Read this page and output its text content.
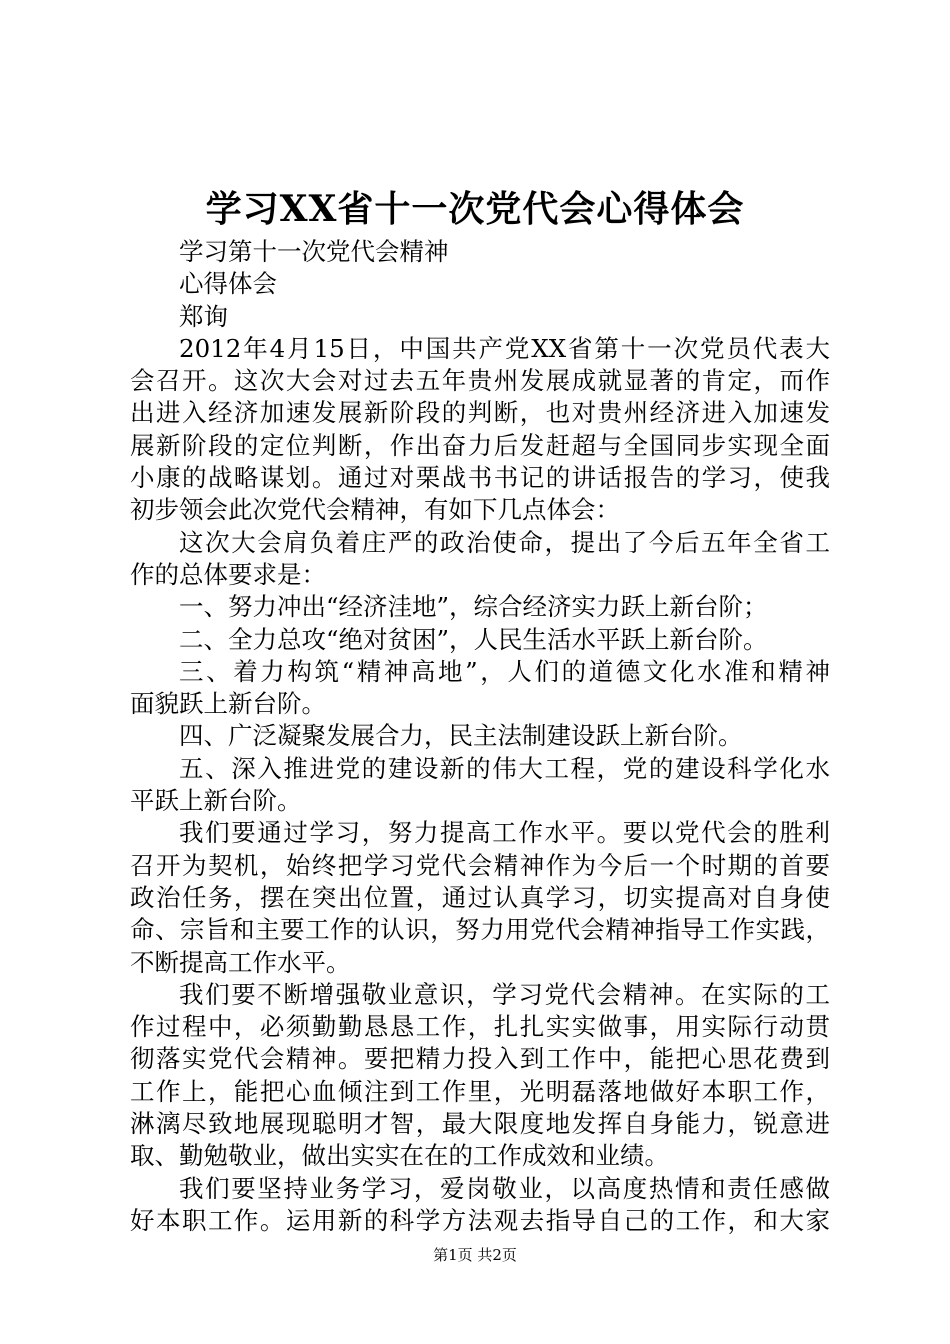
学习XX省十一次党代会心得体会
学习第十一次党代会精神
心得体会
郑询
2012年4月15日，中国共产党XX省第十一次党员代表大
会召开。这次大会对过去五年贵州发展成就显著的肯定，而作
出进入经济加速发展新阶段的判断，也对贵州经济进入加速发
展新阶段的定位判断，作出奋力后发赶超与全国同步实现全面
小康的战略谋划。通过对栗战书书记的讲话报告的学习，使我
初步领会此次党代会精神，有如下几点体会：
这次大会肩负着庄严的政治使命，提出了今后五年全省工
作的总体要求是：
一、努力冲出“经济洼地”，综合经济实力跃上新台阶；
二、全力总攻“绝对贫困”，人民生活水平跃上新台阶。
三、着力构筑“精神高地”，人们的道德文化水准和精神
面貌跃上新台阶。
四、广泛凝聚发展合力，民主法制建设跃上新台阶。
五、深入推进党的建设新的伟大工程，党的建设科学化水
平跃上新台阶。
我们要通过学习，努力提高工作水平。要以党代会的胜利
召开为契机，始终把学习党代会精神作为今后一个时期的首要
政治任务，摆在突出位置，通过认真学习，切实提高对自身使
命、宗旨和主要工作的认识，努力用党代会精神指导工作实践，
不断提高工作水平。
我们要不断增强敬业意识，学习党代会精神。在实际的工
作过程中，必须勤勤恳恳工作，扎扎实实做事，用实际行动贯
彻落实党代会精神。要把精力投入到工作中，能把心思花费到
工作上，能把心血倾注到工作里，光明磊落地做好本职工作，
淋漓尽致地展现聪明才智，最大限度地发挥自身能力，锐意进
取、勤勉敬业，做出实实在在的工作成效和业绩。
我们要坚持业务学习，爱岗敬业，以高度热情和责任感做
好本职工作。运用新的科学方法观去指导自己的工作，和大家
第1页 共2页
